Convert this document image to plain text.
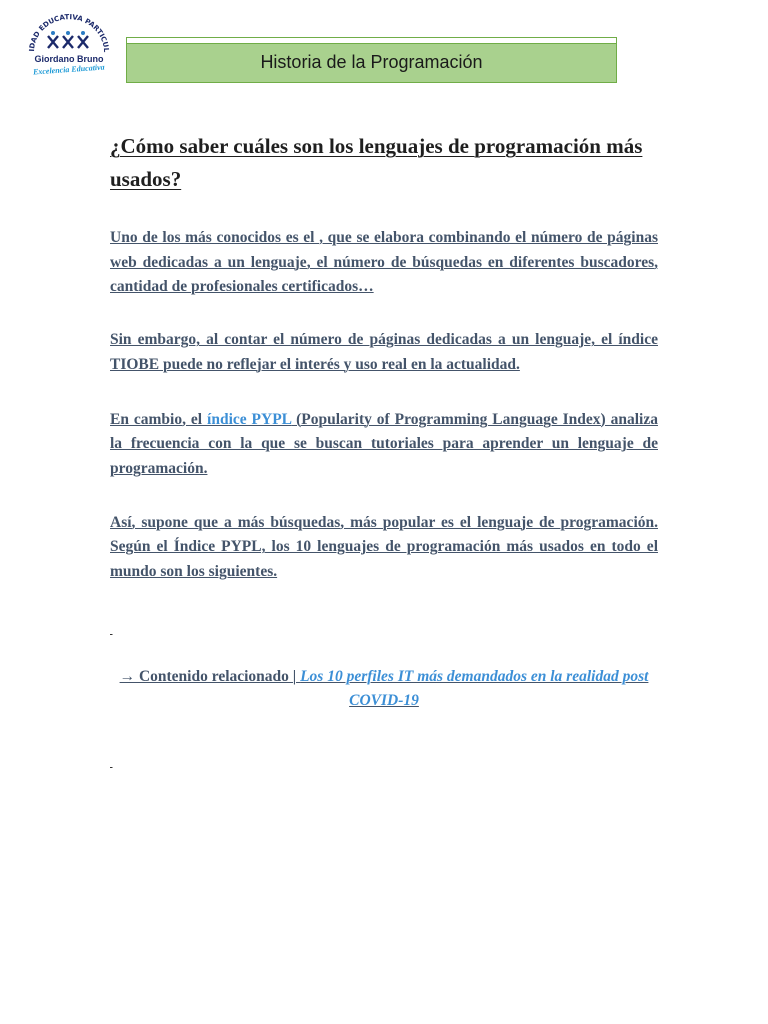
IDAD EDUCATIVA PARTICUL
Giordano Bruno
Excelencia Educativa	Historia de la Programación
¿Cómo saber cuáles son los lenguajes de programación más usados?

Uno de los más conocidos es el , que se elabora combinando el número de páginas web dedicadas a un lenguaje, el número de búsquedas en diferentes buscadores, cantidad de profesionales certificados…

Sin embargo, al contar el número de páginas dedicadas a un lenguaje, el índice TIOBE puede no reflejar el interés y uso real en la actualidad.

En cambio, el índice PYPL (Popularity of Programming Language Index) analiza la frecuencia con la que se buscan tutoriales para aprender un lenguaje de programación.

Así, supone que a más búsquedas, más popular es el lenguaje de programación. Según el Índice PYPL, los 10 lenguajes de programación más usados en todo el mundo son los siguientes.

→ Contenido relacionado | Los 10 perfiles IT más demandados en la realidad post COVID-19
